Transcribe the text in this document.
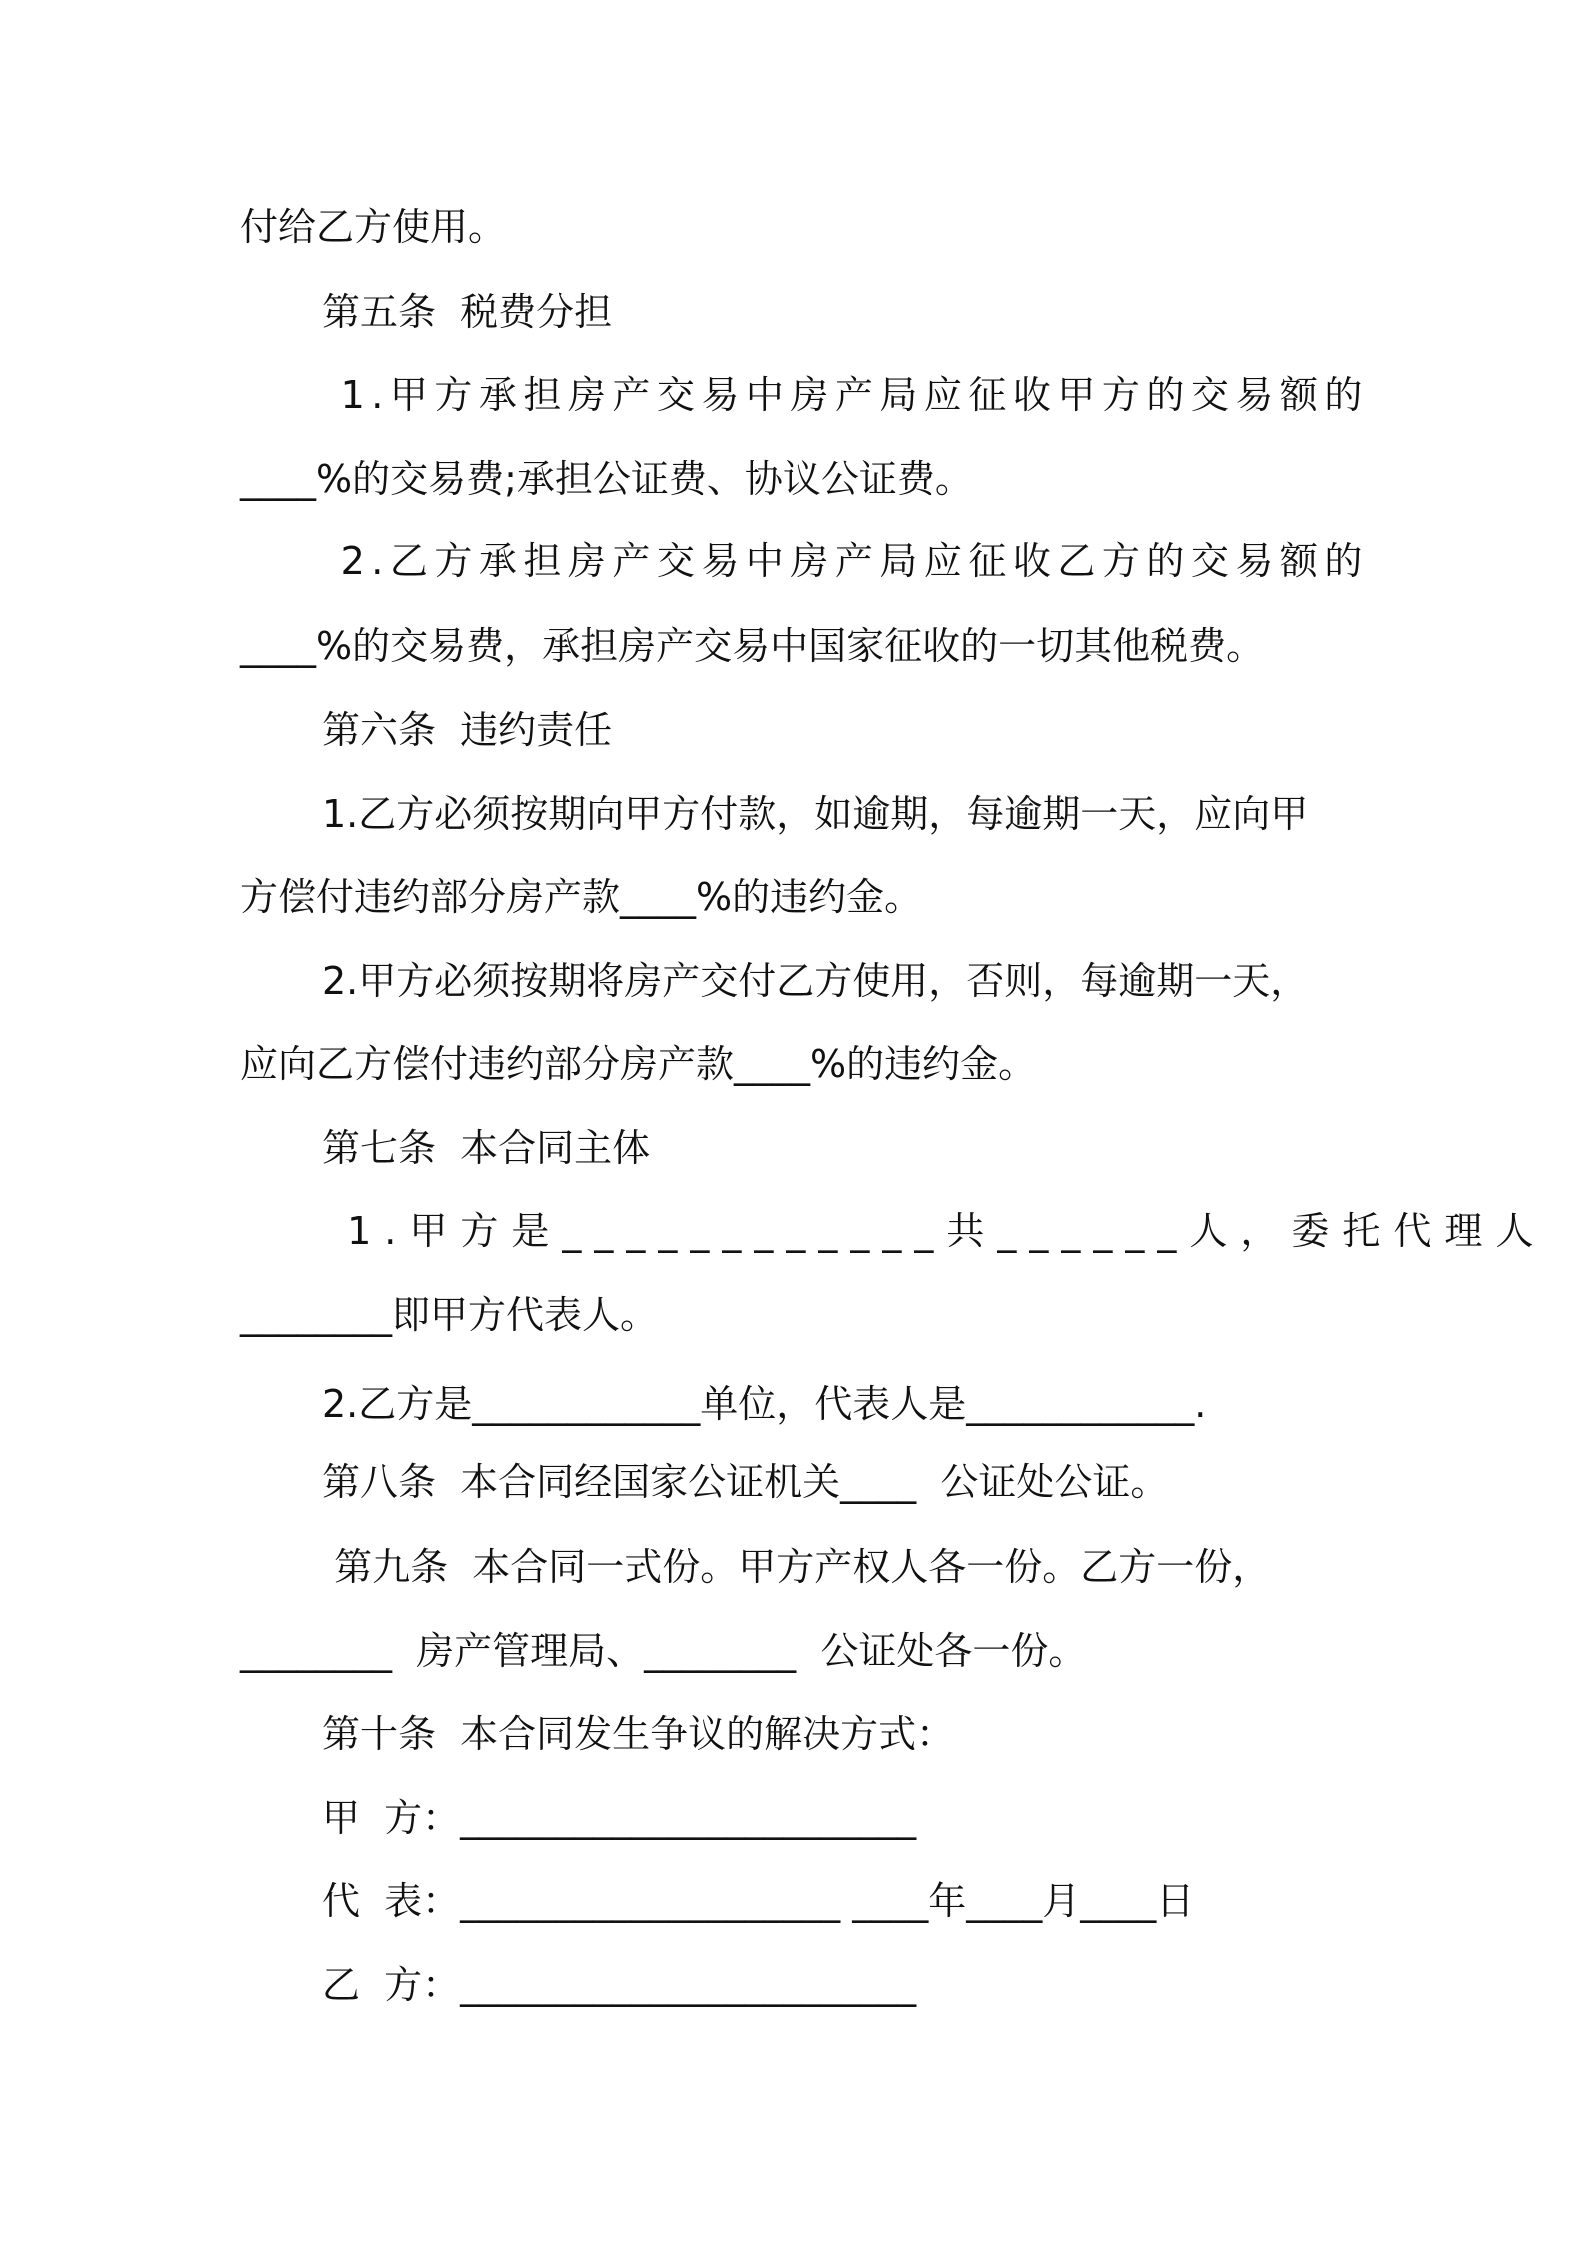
付给乙方使用。

第五条  税费分担

1.甲方承担房产交易中房产局应征收甲方的交易额的

____%的交易费;承担公证费、协议公证费。

2.乙方承担房产交易中房产局应征收乙方的交易额的

____%的交易费，承担房产交易中国家征收的一切其他税费。

第六条  违约责任

1.乙方必须按期向甲方付款，如逾期，每逾期一天，应向甲

方偿付违约部分房产款____%的违约金。

2.甲方必须按期将房产交付乙方使用，否则，每逾期一天，

应向乙方偿付违约部分房产款____%的违约金。

第七条  本合同主体

1.甲方是____________共______人，委托代理人

________即甲方代表人。

2.乙方是____________单位，代表人是____________.

第八条  本合同经国家公证机关____  公证处公证。

第九条  本合同一式份。甲方产权人各一份。乙方一份，

________  房产管理局、________  公证处各一份。

第十条  本合同发生争议的解决方式：

甲  方：________________________

代  表：____________________ ____年____月____日

乙  方：________________________
